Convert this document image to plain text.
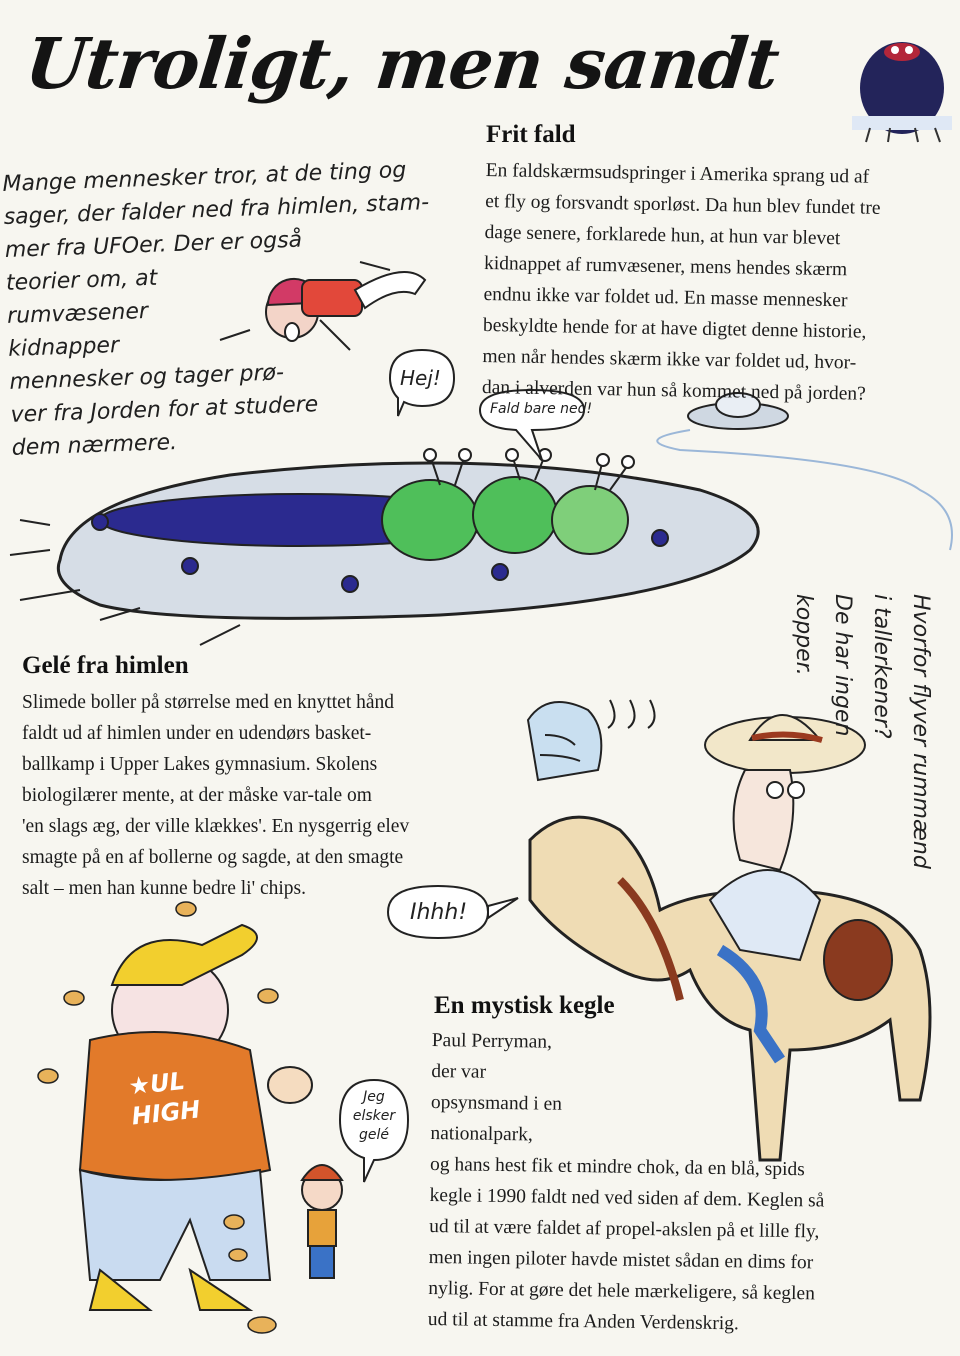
Utroligt, men sandt
Mange mennesker tror, at de ting og
sager, der falder ned fra himlen, stam-
mer fra UFOer. Der er også
teorier om, at
rumvæsener
kidnapper
mennesker og tager prø-
ver fra Jorden for at studere
dem nærmere.
Frit fald
En faldskærmsudspringer i Amerika sprang ud af
et fly og forsvandt sporløst. Da hun blev fundet tre
dage senere, forklarede hun, at hun var blevet
kidnappet af rumvæsener, mens hendes skærm
endnu ikke var foldet ud. En masse mennesker
beskyldte hende for at have digtet denne historie,
men når hendes skærm ikke var foldet ud, hvor-
dan i alverden var hun så kommet ned på jorden?
Hej!
Fald bare ned!
Gelé fra himlen
Slimede boller på størrelse med en knyttet hånd
faldt ud af himlen under en udendørs basket-
ballkamp i Upper Lakes gymnasium. Skolens
biologilærer mente, at der måske var-tale om
'en slags æg, der ville klækkes'. En nysgerrig elev
smagte på en af bollerne og sagde, at den smagte
salt – men han kunne bedre li' chips.
Hvorfor flyver rummænd
i tallerkener?
De har ingen
kopper.
Ihhh!
Jeg
elsker
gelé
★UL
HIGH
En mystisk kegle
Paul Perryman,
der var
opsynsmand i en
nationalpark,
og hans hest fik et mindre chok, da en blå, spids
kegle i 1990 faldt ned ved siden af dem. Keglen så
ud til at være faldet af propel-akslen på et lille fly,
men ingen piloter havde mistet sådan en dims for
nylig. For at gøre det hele mærkeligere, så keglen
ud til at stamme fra Anden Verdenskrig.
